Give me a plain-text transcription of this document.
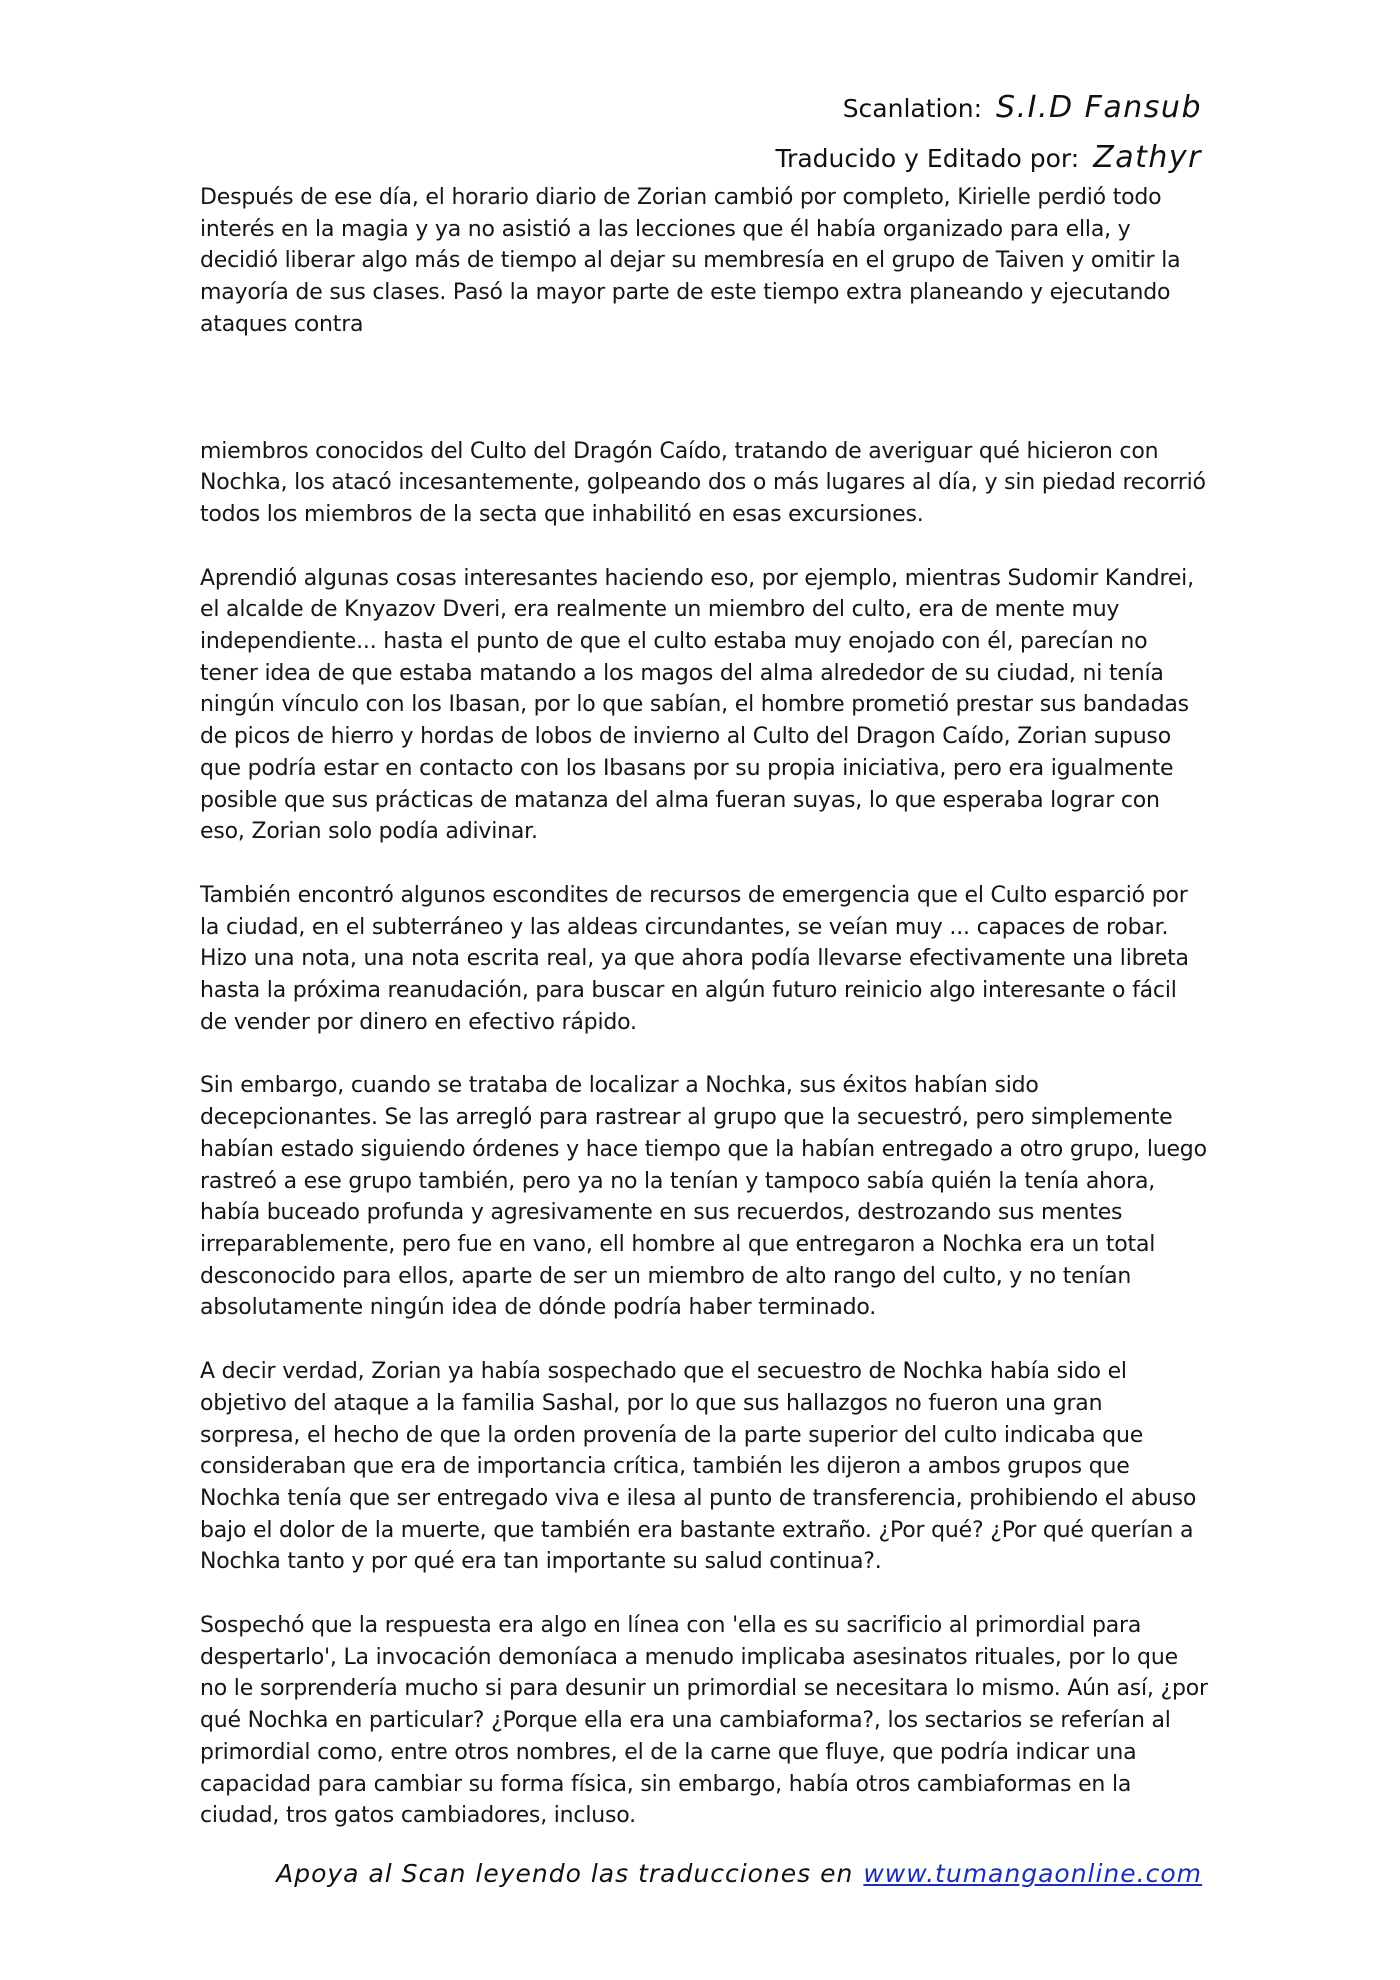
Scanlation: S.I.D Fansub
Traducido y Editado por: Zathyr

Después de ese día, el horario diario de Zorian cambió por completo, Kirielle perdió todo interés en la magia y ya no asistió a las lecciones que él había organizado para ella, y decidió liberar algo más de tiempo al dejar su membresía en el grupo de Taiven y omitir la mayoría de sus clases. Pasó la mayor parte de este tiempo extra planeando y ejecutando ataques contra

miembros conocidos del Culto del Dragón Caído, tratando de averiguar qué hicieron con Nochka, los atacó incesantemente, golpeando dos o más lugares al día, y sin piedad recorrió todos los miembros de la secta que inhabilitó en esas excursiones.

Aprendió algunas cosas interesantes haciendo eso, por ejemplo, mientras Sudomir Kandrei, el alcalde de Knyazov Dveri, era realmente un miembro del culto, era de mente muy independiente... hasta el punto de que el culto estaba muy enojado con él, parecían no tener idea de que estaba matando a los magos del alma alrededor de su ciudad, ni tenía ningún vínculo con los Ibasan, por lo que sabían, el hombre prometió prestar sus bandadas de picos de hierro y hordas de lobos de invierno al Culto del Dragon Caído, Zorian supuso que podría estar en contacto con los Ibasans por su propia iniciativa, pero era igualmente posible que sus prácticas de matanza del alma fueran suyas, lo que esperaba lograr con eso, Zorian solo podía adivinar.

También encontró algunos escondites de recursos de emergencia que el Culto esparció por la ciudad, en el subterráneo y las aldeas circundantes, se veían muy ... capaces de robar. Hizo una nota, una nota escrita real, ya que ahora podía llevarse efectivamente una libreta hasta la próxima reanudación, para buscar en algún futuro reinicio algo interesante o fácil de vender por dinero en efectivo rápido.

Sin embargo, cuando se trataba de localizar a Nochka, sus éxitos habían sido decepcionantes. Se las arregló para rastrear al grupo que la secuestró, pero simplemente habían estado siguiendo órdenes y hace tiempo que la habían entregado a otro grupo, luego rastreó a ese grupo también, pero ya no la tenían y tampoco sabía quién la tenía ahora, había buceado profunda y agresivamente en sus recuerdos, destrozando sus mentes irreparablemente, pero fue en vano, ell hombre al que entregaron a Nochka era un total desconocido para ellos, aparte de ser un miembro de alto rango del culto, y no tenían absolutamente ningún idea de dónde podría haber terminado.

A decir verdad, Zorian ya había sospechado que el secuestro de Nochka había sido el objetivo del ataque a la familia Sashal, por lo que sus hallazgos no fueron una gran sorpresa, el hecho de que la orden provenía de la parte superior del culto indicaba que consideraban que era de importancia crítica, también les dijeron a ambos grupos que Nochka tenía que ser entregado viva e ilesa al punto de transferencia, prohibiendo el abuso bajo el dolor de la muerte, que también era bastante extraño. ¿Por qué? ¿Por qué querían a Nochka tanto y por qué era tan importante su salud continua?.

Sospechó que la respuesta era algo en línea con 'ella es su sacrificio al primordial para despertarlo', La invocación demoníaca a menudo implicaba asesinatos rituales, por lo que no le sorprendería mucho si para desunir un primordial se necesitara lo mismo. Aún así, ¿por qué Nochka en particular? ¿Porque ella era una cambiaforma?, los sectarios se referían al primordial como, entre otros nombres, el de la carne que fluye, que podría indicar una capacidad para cambiar su forma física, sin embargo, había otros cambiaformas en la ciudad, tros gatos cambiadores, incluso.

Apoya al Scan leyendo las traducciones en www.tumangaonline.com
